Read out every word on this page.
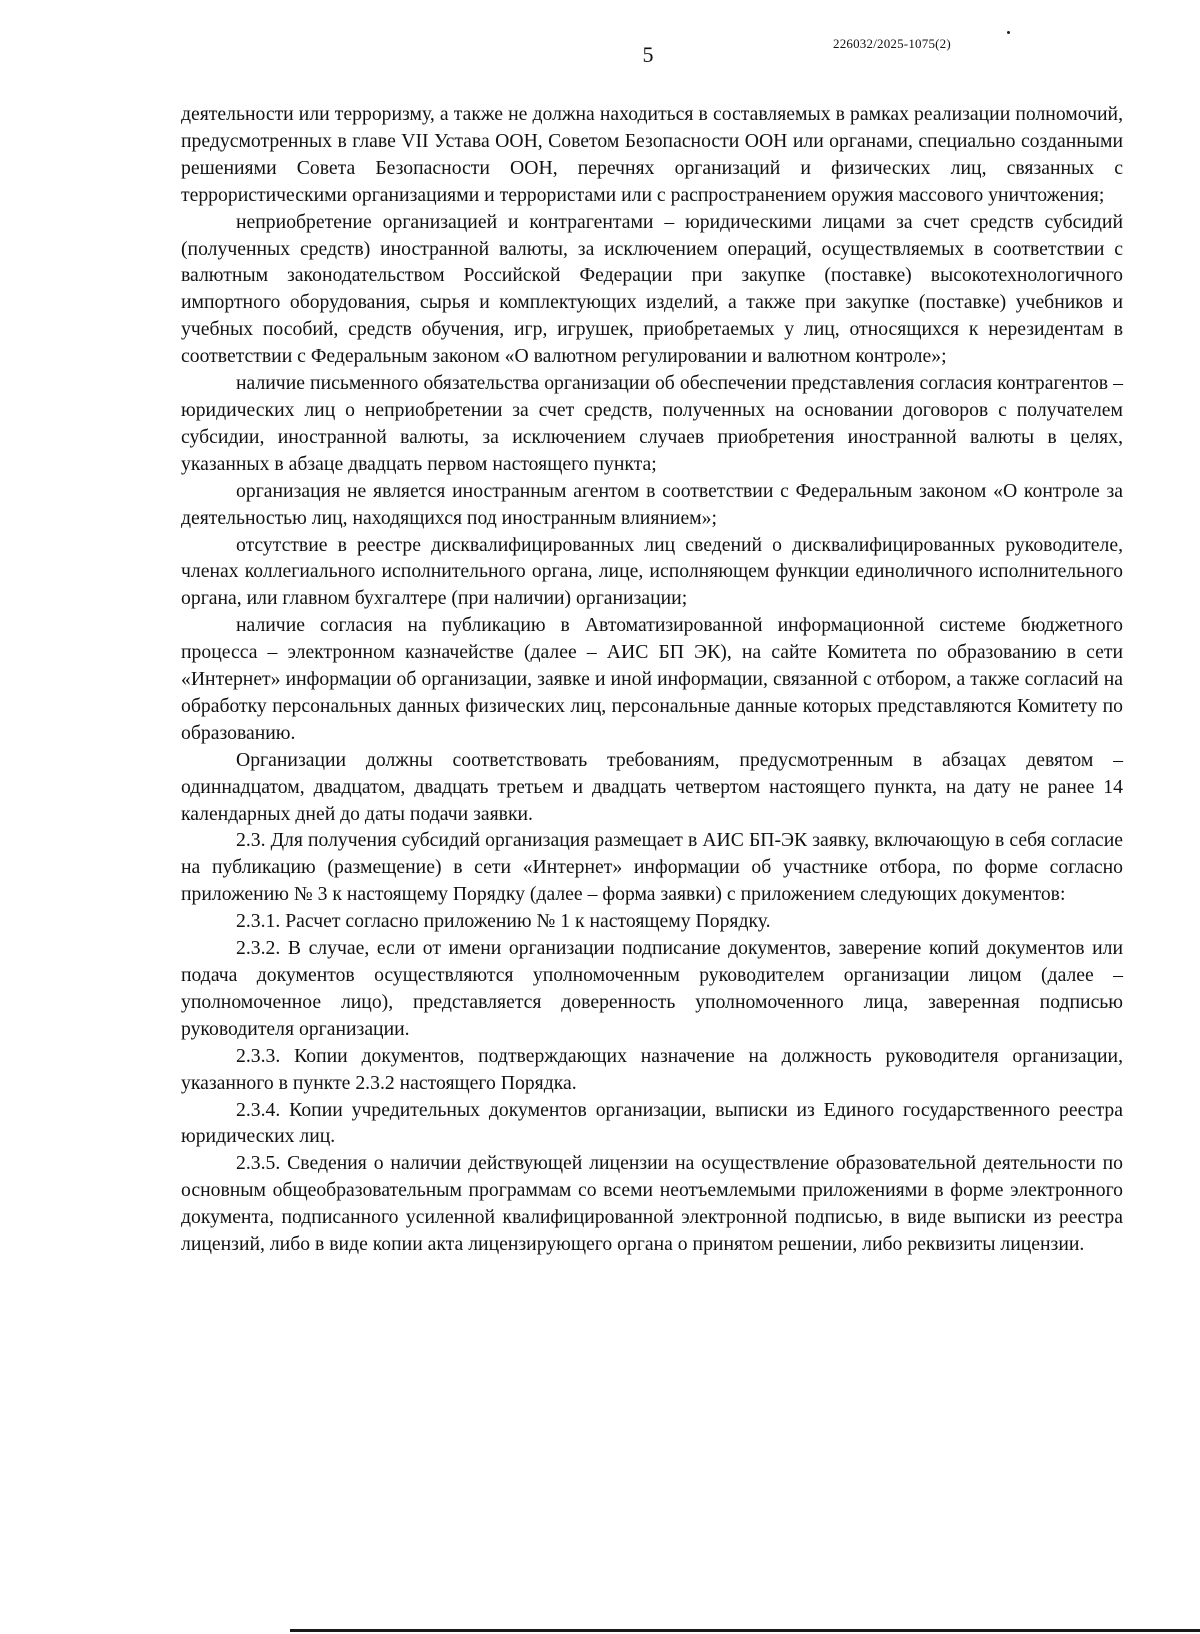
5	226032/2025-1075(2)

деятельности или терроризму, а также не должна находиться в составляемых в рамках реализации полномочий, предусмотренных в главе VII Устава ООН, Советом Безопасности ООН или органами, специально созданными решениями Совета Безопасности ООН, перечнях организаций и физических лиц, связанных с террористическими организациями и террористами или с распространением оружия массового уничтожения;

неприобретение организацией и контрагентами – юридическими лицами за счет средств субсидий (полученных средств) иностранной валюты, за исключением операций, осуществляемых в соответствии с валютным законодательством Российской Федерации при закупке (поставке) высокотехнологичного импортного оборудования, сырья и комплектующих изделий, а также при закупке (поставке) учебников и учебных пособий, средств обучения, игр, игрушек, приобретаемых у лиц, относящихся к нерезидентам в соответствии с Федеральным законом «О валютном регулировании и валютном контроле»;

наличие письменного обязательства организации об обеспечении представления согласия контрагентов – юридических лиц о неприобретении за счет средств, полученных на основании договоров с получателем субсидии, иностранной валюты, за исключением случаев приобретения иностранной валюты в целях, указанных в абзаце двадцать первом настоящего пункта;

организация не является иностранным агентом в соответствии с Федеральным законом «О контроле за деятельностью лиц, находящихся под иностранным влиянием»;

отсутствие в реестре дисквалифицированных лиц сведений о дисквалифицированных руководителе, членах коллегиального исполнительного органа, лице, исполняющем функции единоличного исполнительного органа, или главном бухгалтере (при наличии) организации;

наличие согласия на публикацию в Автоматизированной информационной системе бюджетного процесса – электронном казначействе (далее – АИС БП ЭК), на сайте Комитета по образованию в сети «Интернет» информации об организации, заявке и иной информации, связанной с отбором, а также согласий на обработку персональных данных физических лиц, персональные данные которых представляются Комитету по образованию.

Организации должны соответствовать требованиям, предусмотренным в абзацах девятом – одиннадцатом, двадцатом, двадцать третьем и двадцать четвертом настоящего пункта, на дату не ранее 14 календарных дней до даты подачи заявки.

2.3. Для получения субсидий организация размещает в АИС БП-ЭК заявку, включающую в себя согласие на публикацию (размещение) в сети «Интернет» информации об участнике отбора, по форме согласно приложению № 3 к настоящему Порядку (далее – форма заявки) с приложением следующих документов:

2.3.1. Расчет согласно приложению № 1 к настоящему Порядку.

2.3.2. В случае, если от имени организации подписание документов, заверение копий документов или подача документов осуществляются уполномоченным руководителем организации лицом (далее – уполномоченное лицо), представляется доверенность уполномоченного лица, заверенная подписью руководителя организации.

2.3.3. Копии документов, подтверждающих назначение на должность руководителя организации, указанного в пункте 2.3.2 настоящего Порядка.

2.3.4. Копии учредительных документов организации, выписки из Единого государственного реестра юридических лиц.

2.3.5. Сведения о наличии действующей лицензии на осуществление образовательной деятельности по основным общеобразовательным программам со всеми неотъемлемыми приложениями в форме электронного документа, подписанного усиленной квалифицированной электронной подписью, в виде выписки из реестра лицензий, либо в виде копии акта лицензирующего органа о принятом решении, либо реквизиты лицензии.
